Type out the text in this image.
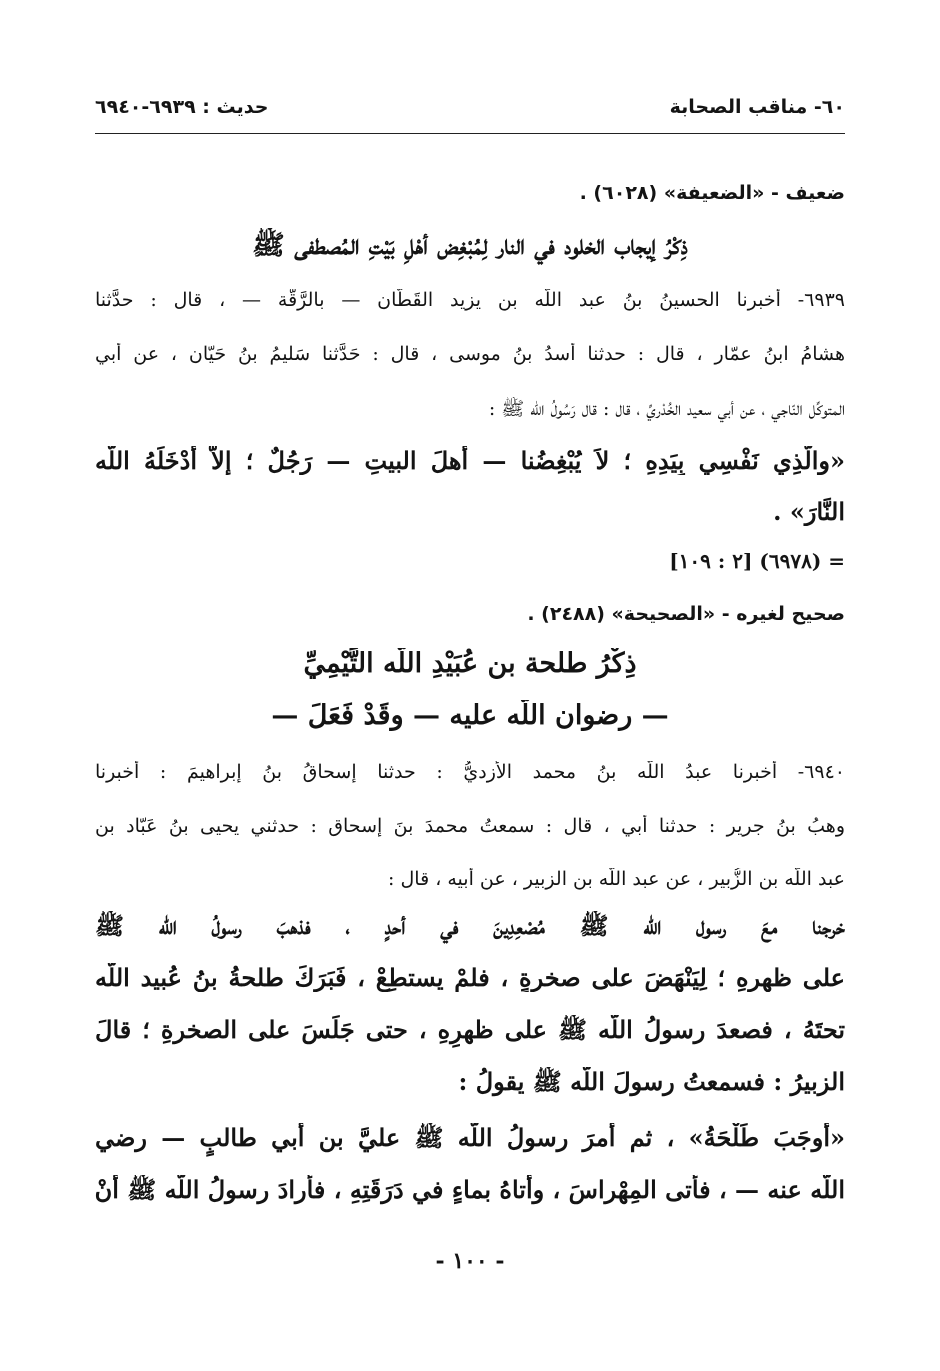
٦٠- مناقب الصحابة
حديث : ٦٩٣٩-٦٩٤٠
ضعيف - «الضعيفة» (٦٠٢٨) .
ذِكْرُ إيجاب الخلود في النار لِمُبْغِض أهْلِ بَيْتِ المُصطفى ﷺ
٦٩٣٩- أخبرنا الحسينُ بنُ عبد اللّه بن يزيد القَطّان — بالرَّقَّة — ، قال : حدَّثنا
هشامُ ابنُ عمّار ، قال : حدثنا أسدُ بنُ موسى ، قال : حَدَّثنا سَليمُ بنُ حَيّان ، عن أبي
المتوكِّل النّاجي ، عن أبي سعيد الخُدْريِّ ، قال : قال رَسُولُ اللّه ﷺ :
«والَّذِي نَفْسِي بِيَدِهِ ؛ لاَ يُبْغِضُنا — أهلَ البيتِ — رَجُلٌ ؛ إلاَّ أدْخَلَهُ اللّه
النَّارَ» .
= (٦٩٧٨) [٢ : ١٠٩]
صحيح لغيره - «الصحيحة» (٢٤٨٨) .
ذِكْرُ طلحة بن عُبَيْدِ اللّه التَّيْمِيِّ
— رضوان اللّه عليه — وقَدْ فَعَلَ —
٦٩٤٠- أخبرنا عبدُ اللّه بنُ محمد الأزديُّ : حدثنا إسحاقُ بنُ إبراهيمَ : أخبرنا
وهبُ بنُ جرير : حدثنا أبي ، قال : سمعتُ محمدَ بنَ إسحاق : حدثني يحيى بنُ عَبّاد بن
عبد اللّه بن الزُّبير ، عن عبد اللّه بن الزبير ، عن أبيه ، قال :
خرجنا معَ رسول اللّه ﷺ مُصْعِدِينَ في أحدٍ ، فذهبَ رسولُ اللّه ﷺ
على ظهرِهِ ؛ لِيَنْهَضَ على صخرةٍ ، فلمْ يستطِعْ ، فَبَرَكَ طلحةُ بنُ عُبيد اللّه
تحتَهُ ، فصعدَ رسولُ اللّه ﷺ على ظهرِهِ ، حتى جَلَسَ على الصخرةِ ؛ قالَ
الزبيرُ : فسمعتُ رسولَ اللّه ﷺ يقولُ :
«أَوجَبَ طَلْحَةُ» ، ثم أمرَ رسولُ اللّه ﷺ عليَّ بن أبي طالبٍ — رضي
اللّه عنه — ، فأتى المِهْراسَ ، وأتاهُ بماءٍ في دَرَقَتِهِ ، فأرادَ رسولُ اللّه ﷺ أنْ
- ١٠٠ -
